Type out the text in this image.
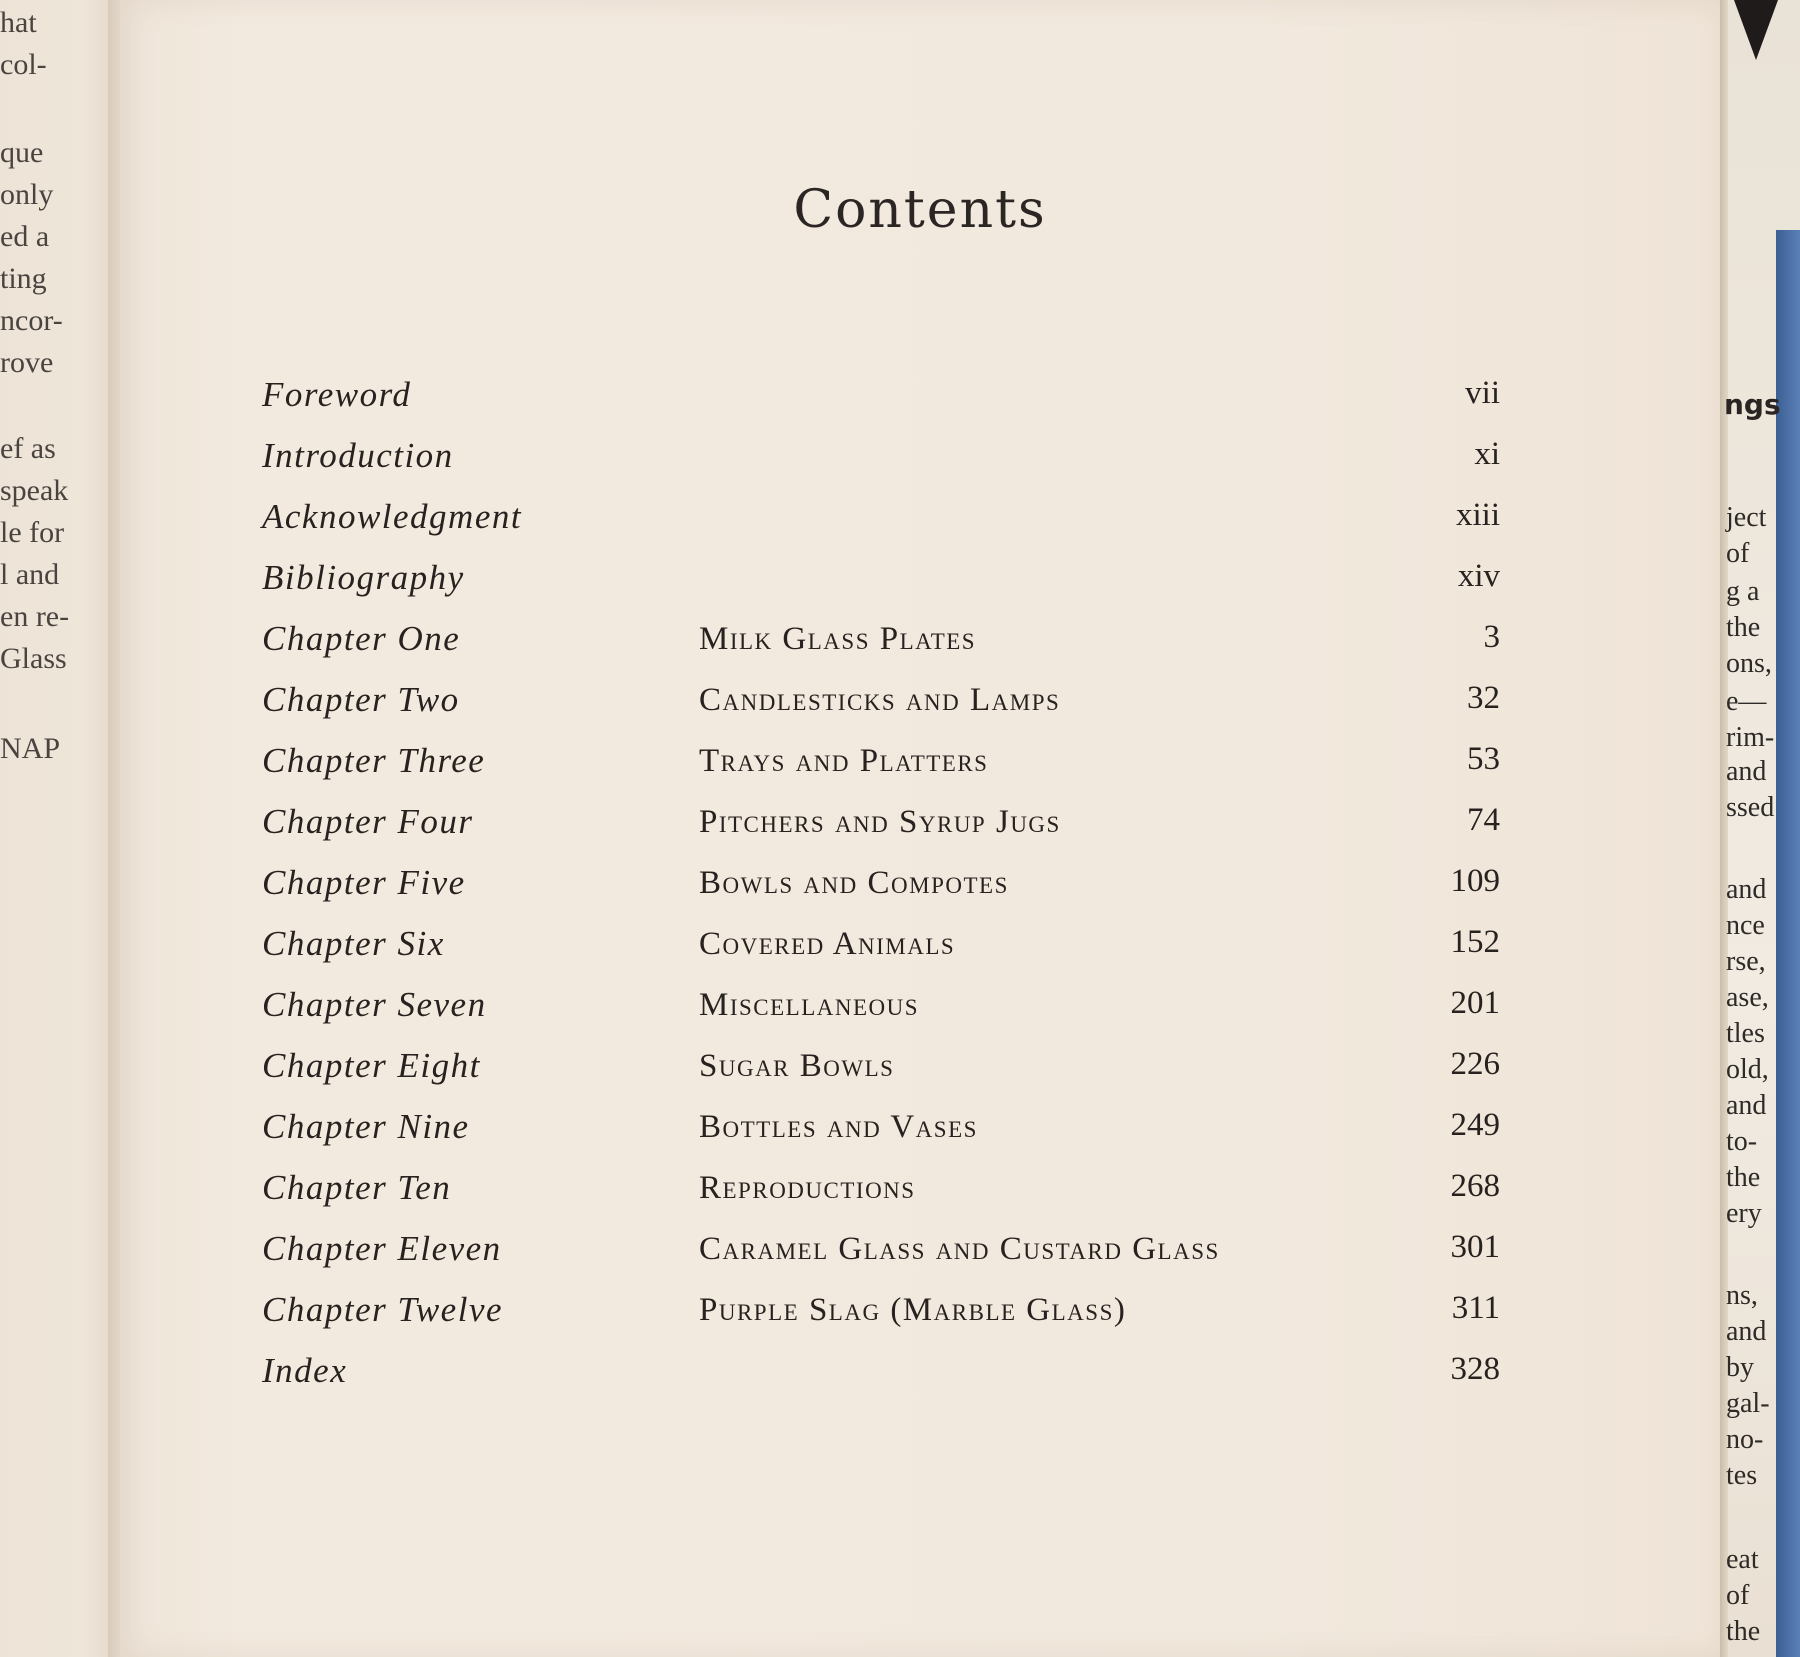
hat
col-
que
only
ed a
ting
ncor-
rove
ef as
speak
le for
l and
en re-
Glass
NAP
Contents
Foreword	vii
Introduction	xi
Acknowledgment	xiii
Bibliography	xiv
Chapter One	Milk Glass Plates	3
Chapter Two	Candlesticks and Lamps	32
Chapter Three	Trays and Platters	53
Chapter Four	Pitchers and Syrup Jugs	74
Chapter Five	Bowls and Compotes	109
Chapter Six	Covered Animals	152
Chapter Seven	Miscellaneous	201
Chapter Eight	Sugar Bowls	226
Chapter Nine	Bottles and Vases	249
Chapter Ten	Reproductions	268
Chapter Eleven	Caramel Glass and Custard Glass	301
Chapter Twelve	Purple Slag (Marble Glass)	311
Index	328
ngs
ject
of
g a
the
ons,
e—
rim-
and
ssed
and
nce
rse,
ase,
tles
old,
and
to-
the
ery
ns,
and
by
gal-
no-
tes
eat
of
the
